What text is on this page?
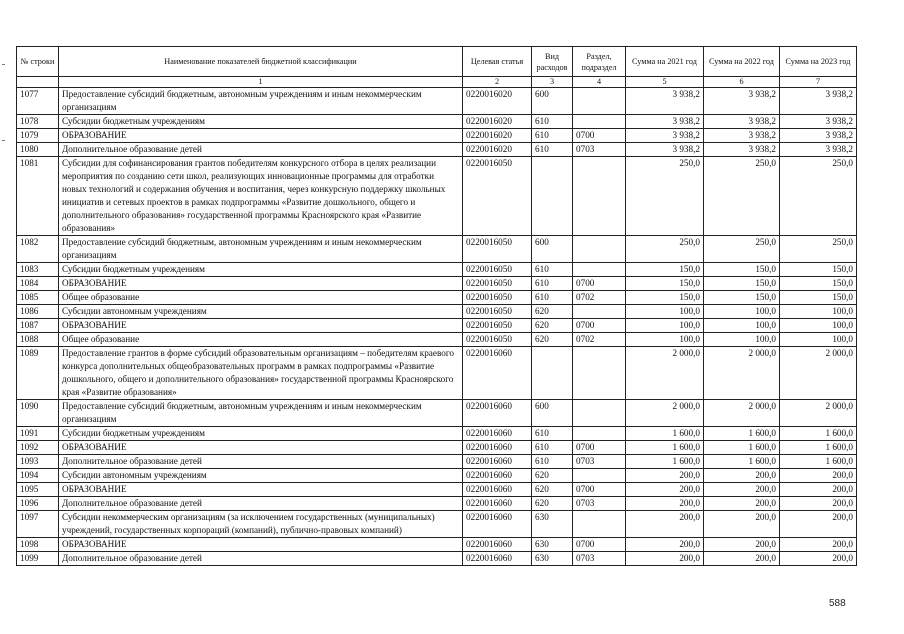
№ строки	Наименование показателей бюджетной классификации	Целевая статья	Вид расходов	Раздел, подраздел	Сумма на 2021 год	Сумма на 2022 год	Сумма на 2023 год
	1	2	3	4	5	6	7
1077	Предоставление субсидий бюджетным, автономным учреждениям и иным некоммерческим организациям	0220016020	600		3 938,2	3 938,2	3 938,2
1078	Субсидии бюджетным учреждениям	0220016020	610		3 938,2	3 938,2	3 938,2
1079	ОБРАЗОВАНИЕ	0220016020	610	0700	3 938,2	3 938,2	3 938,2
1080	Дополнительное образование детей	0220016020	610	0703	3 938,2	3 938,2	3 938,2
1081	Субсидии для софинансирования грантов победителям конкурсного отбора в целях реализации мероприятия по созданию сети школ, реализующих инновационные программы для отработки новых технологий и содержания обучения и воспитания, через конкурсную поддержку школьных инициатив и сетевых проектов в рамках подпрограммы «Развитие дошкольного, общего и дополнительного образования» государственной программы Красноярского края «Развитие образования»	0220016050			250,0	250,0	250,0
1082	Предоставление субсидий бюджетным, автономным учреждениям и иным некоммерческим организациям	0220016050	600		250,0	250,0	250,0
1083	Субсидии бюджетным учреждениям	0220016050	610		150,0	150,0	150,0
1084	ОБРАЗОВАНИЕ	0220016050	610	0700	150,0	150,0	150,0
1085	Общее образование	0220016050	610	0702	150,0	150,0	150,0
1086	Субсидии автономным учреждениям	0220016050	620		100,0	100,0	100,0
1087	ОБРАЗОВАНИЕ	0220016050	620	0700	100,0	100,0	100,0
1088	Общее образование	0220016050	620	0702	100,0	100,0	100,0
1089	Предоставление грантов в форме субсидий образовательным организациям – победителям краевого конкурса дополнительных общеобразовательных программ в рамках подпрограммы «Развитие дошкольного, общего и дополнительного образования» государственной программы Красноярского края «Развитие образования»	0220016060			2 000,0	2 000,0	2 000,0
1090	Предоставление субсидий бюджетным, автономным учреждениям и иным некоммерческим организациям	0220016060	600		2 000,0	2 000,0	2 000,0
1091	Субсидии бюджетным учреждениям	0220016060	610		1 600,0	1 600,0	1 600,0
1092	ОБРАЗОВАНИЕ	0220016060	610	0700	1 600,0	1 600,0	1 600,0
1093	Дополнительное образование детей	0220016060	610	0703	1 600,0	1 600,0	1 600,0
1094	Субсидии автономным учреждениям	0220016060	620		200,0	200,0	200,0
1095	ОБРАЗОВАНИЕ	0220016060	620	0700	200,0	200,0	200,0
1096	Дополнительное образование детей	0220016060	620	0703	200,0	200,0	200,0
1097	Субсидии некоммерческим организациям (за исключением государственных (муниципальных) учреждений, государственных корпораций (компаний), публично-правовых компаний)	0220016060	630		200,0	200,0	200,0
1098	ОБРАЗОВАНИЕ	0220016060	630	0700	200,0	200,0	200,0
1099	Дополнительное образование детей	0220016060	630	0703	200,0	200,0	200,0
588
